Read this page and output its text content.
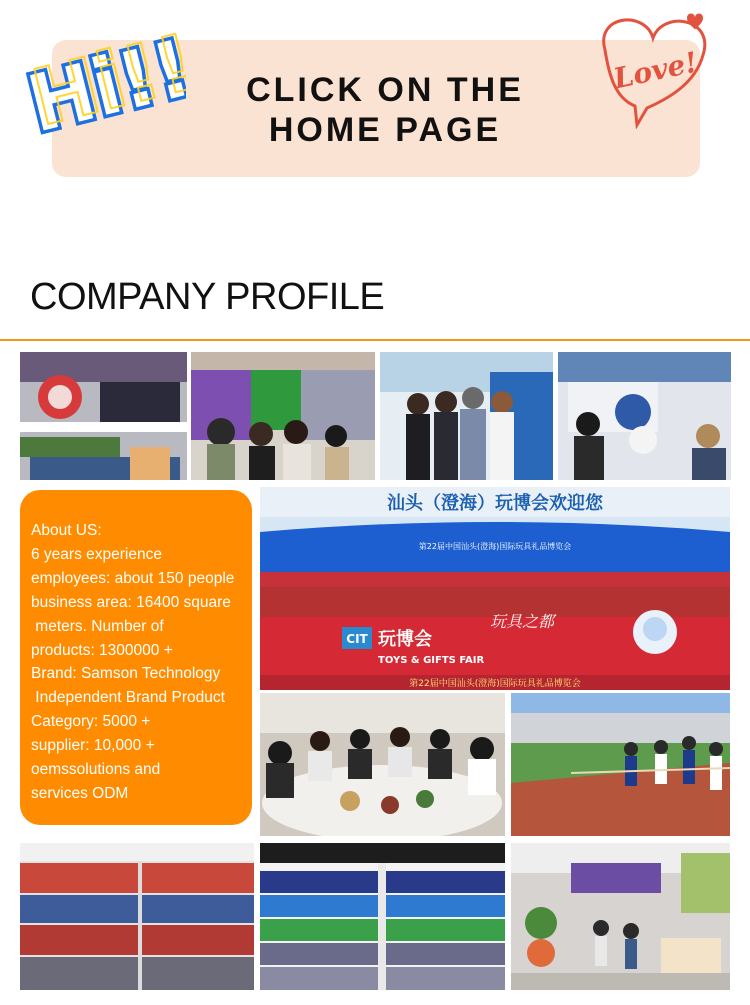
CLICK ON THE
HOME PAGE
Hi!!
Hi!!	Love!
COMPANY PROFILE
About US:
6 years experience
employees: about 150 people
business area: 16400 square
meters. Number of
products: 1300000 +
Brand: Samson Technology
Independent Brand Product
Category: 5000 +
supplier: 10,000 +
oemssolutions and
services ODM
汕头（澄海）玩博会欢迎您
第22届中国汕头(澄海)国际玩具礼品博览会
CIT 玩博会
TOYS & GIFTS FAIR
玩具之都
第22届中国汕头(澄海)国际玩具礼品博览会
